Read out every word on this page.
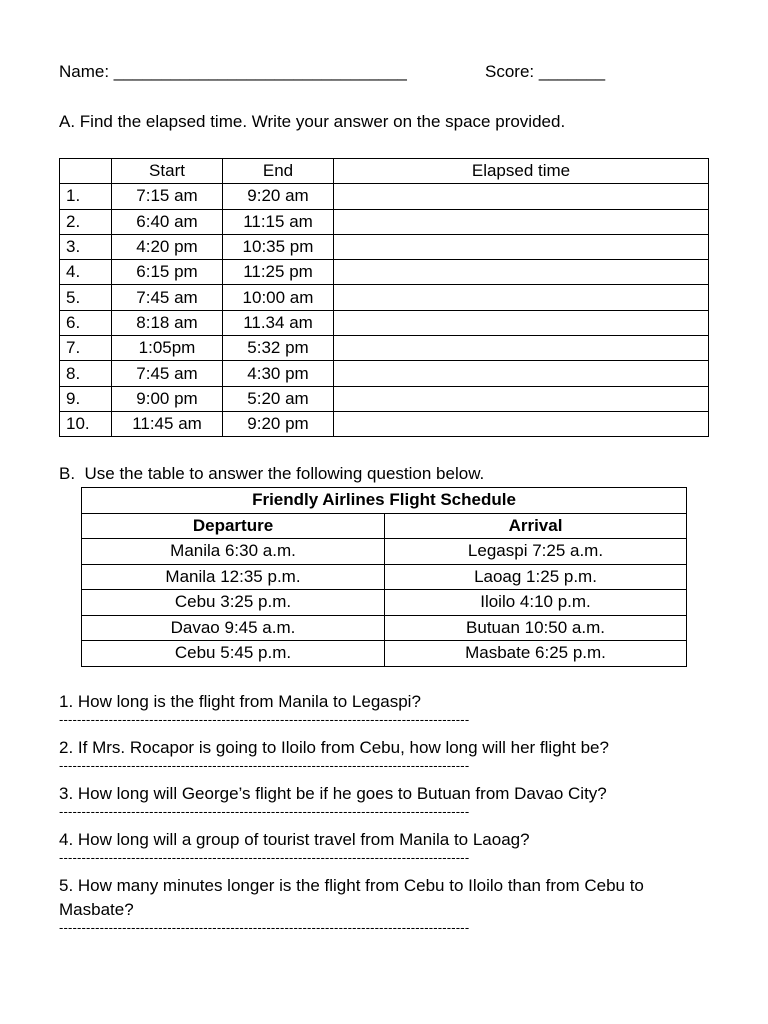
Name: _______________________________	Score: _______
A. Find the elapsed time. Write your answer on the space provided.
	Start	End	Elapsed time
1.	7:15 am	9:20 am	
2.	6:40 am	11:15 am	
3.	4:20 pm	10:35 pm	
4.	6:15 pm	11:25 pm	
5.	7:45 am	10:00 am	
6.	8:18 am	11.34 am	
7.	1:05pm	5:32 pm	
8.	7:45 am	4:30 pm	
9.	9:00 pm	5:20 am	
10.	11:45 am	9:20 pm	
B.  Use the table to answer the following question below.
Friendly Airlines Flight Schedule	
Departure	Arrival
Manila 6:30 a.m.	Legaspi 7:25 a.m.
Manila 12:35 p.m.	Laoag 1:25 p.m.
Cebu 3:25 p.m.	Iloilo 4:10 p.m.
Davao 9:45 a.m.	Butuan 10:50 a.m.
Cebu 5:45 p.m.	Masbate 6:25 p.m.
1. How long is the flight from Manila to Legaspi?
-------------------------------------------------------------------------------------------
2. If Mrs. Rocapor is going to Iloilo from Cebu, how long will her flight be?
-------------------------------------------------------------------------------------------
3. How long will George’s flight be if he goes to Butuan from Davao City?
-------------------------------------------------------------------------------------------
4. How long will a group of tourist travel from Manila to Laoag?
-------------------------------------------------------------------------------------------
5. How many minutes longer is the flight from Cebu to Iloilo than from Cebu to Masbate?
-------------------------------------------------------------------------------------------
